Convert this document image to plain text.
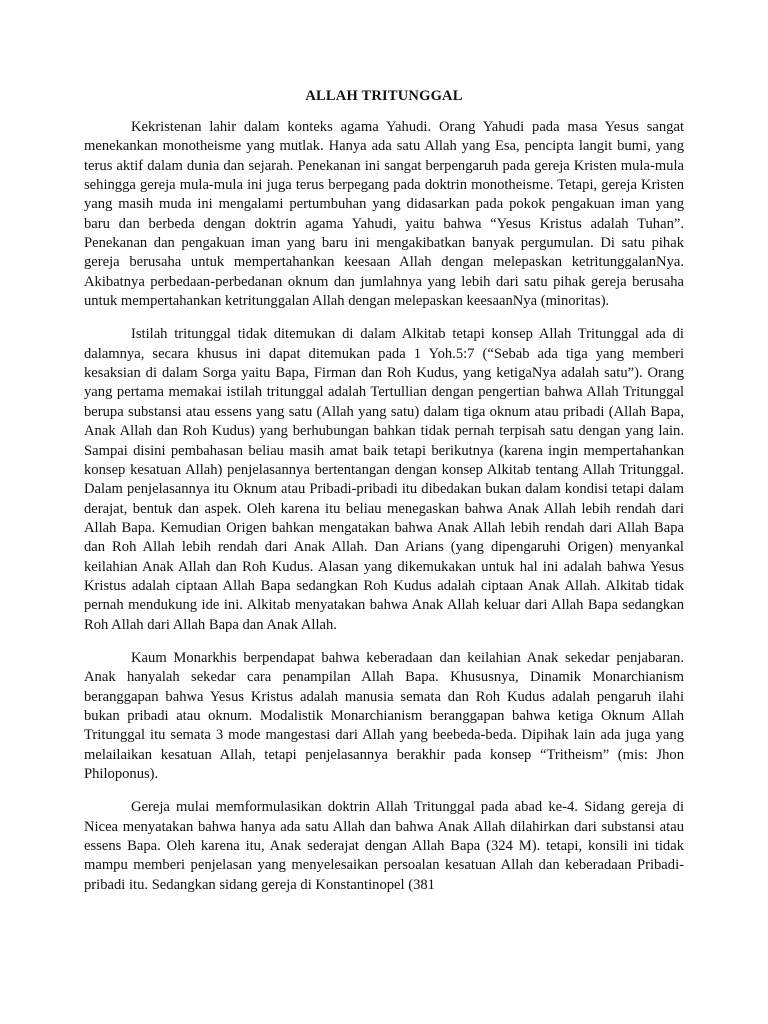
ALLAH TRITUNGGAL

Kekristenan lahir dalam konteks agama Yahudi. Orang Yahudi pada masa Yesus sangat menekankan monotheisme yang mutlak. Hanya ada satu Allah yang Esa, pencipta langit bumi, yang terus aktif dalam dunia dan sejarah. Penekanan ini sangat berpengaruh pada gereja Kristen mula-mula sehingga gereja mula-mula ini juga terus berpegang pada doktrin monotheisme. Tetapi, gereja Kristen yang masih muda ini mengalami pertumbuhan yang didasarkan pada pokok pengakuan iman yang baru dan berbeda dengan doktrin agama Yahudi, yaitu bahwa “Yesus Kristus adalah Tuhan”. Penekanan dan pengakuan iman yang baru ini mengakibatkan banyak pergumulan. Di satu pihak gereja berusaha untuk mempertahankan keesaan Allah dengan melepaskan ketritunggalanNya. Akibatnya perbedaan-perbedanan oknum dan jumlahnya yang lebih dari satu pihak gereja berusaha untuk mempertahankan ketritunggalan Allah dengan melepaskan keesaanNya (minoritas).

Istilah tritunggal tidak ditemukan di dalam Alkitab tetapi konsep Allah Tritunggal ada di dalamnya, secara khusus ini dapat ditemukan pada 1 Yoh.5:7 (“Sebab ada tiga yang memberi kesaksian di dalam Sorga yaitu Bapa, Firman dan Roh Kudus, yang ketigaNya adalah satu”). Orang yang pertama memakai istilah tritunggal adalah Tertullian dengan pengertian bahwa Allah Tritunggal berupa substansi atau essens yang satu (Allah yang satu) dalam tiga oknum atau pribadi (Allah Bapa, Anak Allah dan Roh Kudus) yang berhubungan bahkan tidak pernah terpisah satu dengan yang lain. Sampai disini pembahasan beliau masih amat baik tetapi berikutnya (karena ingin mempertahankan konsep kesatuan Allah) penjelasannya bertentangan dengan konsep Alkitab tentang Allah Tritunggal. Dalam penjelasannya itu Oknum atau Pribadi-pribadi itu dibedakan bukan dalam kondisi tetapi dalam derajat, bentuk dan aspek. Oleh karena itu beliau menegaskan bahwa Anak Allah lebih rendah dari Allah Bapa. Kemudian Origen bahkan mengatakan bahwa Anak Allah lebih rendah dari Allah Bapa dan Roh Allah lebih rendah dari Anak Allah. Dan Arians (yang dipengaruhi Origen) menyankal keilahian Anak Allah dan Roh Kudus. Alasan yang dikemukakan untuk hal ini adalah bahwa Yesus Kristus adalah ciptaan Allah Bapa sedangkan Roh Kudus adalah ciptaan Anak Allah. Alkitab tidak pernah mendukung ide ini. Alkitab menyatakan bahwa Anak Allah keluar dari Allah Bapa sedangkan Roh Allah dari Allah Bapa dan Anak Allah.

Kaum Monarkhis berpendapat bahwa keberadaan dan keilahian Anak sekedar penjabaran. Anak hanyalah sekedar cara penampilan Allah Bapa. Khususnya, Dinamik Monarchianism beranggapan bahwa Yesus Kristus adalah manusia semata dan Roh Kudus adalah pengaruh ilahi bukan pribadi atau oknum. Modalistik Monarchianism beranggapan bahwa ketiga Oknum Allah Tritunggal itu semata 3 mode mangestasi dari Allah yang beebeda-beda. Dipihak lain ada juga yang melailaikan kesatuan Allah, tetapi penjelasannya berakhir pada konsep “Tritheism” (mis: Jhon Philoponus).

Gereja mulai memformulasikan doktrin Allah Tritunggal pada abad ke-4. Sidang gereja di Nicea menyatakan bahwa hanya ada satu Allah dan bahwa Anak Allah dilahirkan dari substansi atau essens Bapa. Oleh karena itu, Anak sederajat dengan Allah Bapa (324 M). tetapi, konsili ini tidak mampu memberi penjelasan yang menyelesaikan persoalan kesatuan Allah dan keberadaan Pribadi-pribadi itu. Sedangkan sidang gereja di Konstantinopel (381
